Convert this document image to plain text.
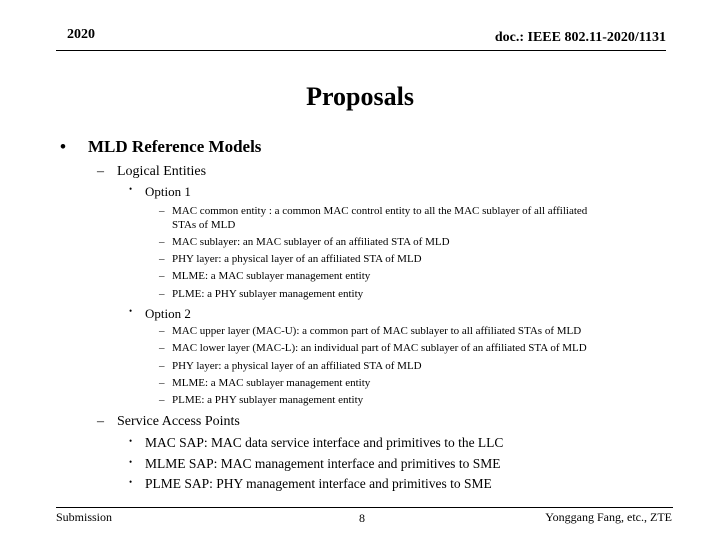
2020	doc.: IEEE 802.11-2020/1131
Proposals
• MLD Reference Models
– Logical Entities
• Option 1
– MAC common entity : a common MAC control entity to all the MAC sublayer of all affiliated
STAs of MLD
– MAC sublayer: an MAC sublayer of an affiliated STA of MLD
– PHY layer: a physical layer of an affiliated STA of MLD
– MLME: a MAC sublayer management entity
– PLME: a PHY sublayer management entity
• Option 2
– MAC upper layer (MAC-U): a common part of MAC sublayer to all affiliated STAs of MLD
– MAC lower layer (MAC-L): an individual part of MAC sublayer of an affiliated STA of MLD
– PHY layer: a physical layer of an affiliated STA of MLD
– MLME: a MAC sublayer management entity
– PLME: a PHY sublayer management entity
– Service Access Points
• MAC SAP: MAC data service interface and primitives to the LLC
• MLME SAP: MAC management interface and primitives to SME
• PLME SAP: PHY management interface and primitives to SME
Submission	8	Yonggang Fang, etc., ZTE
